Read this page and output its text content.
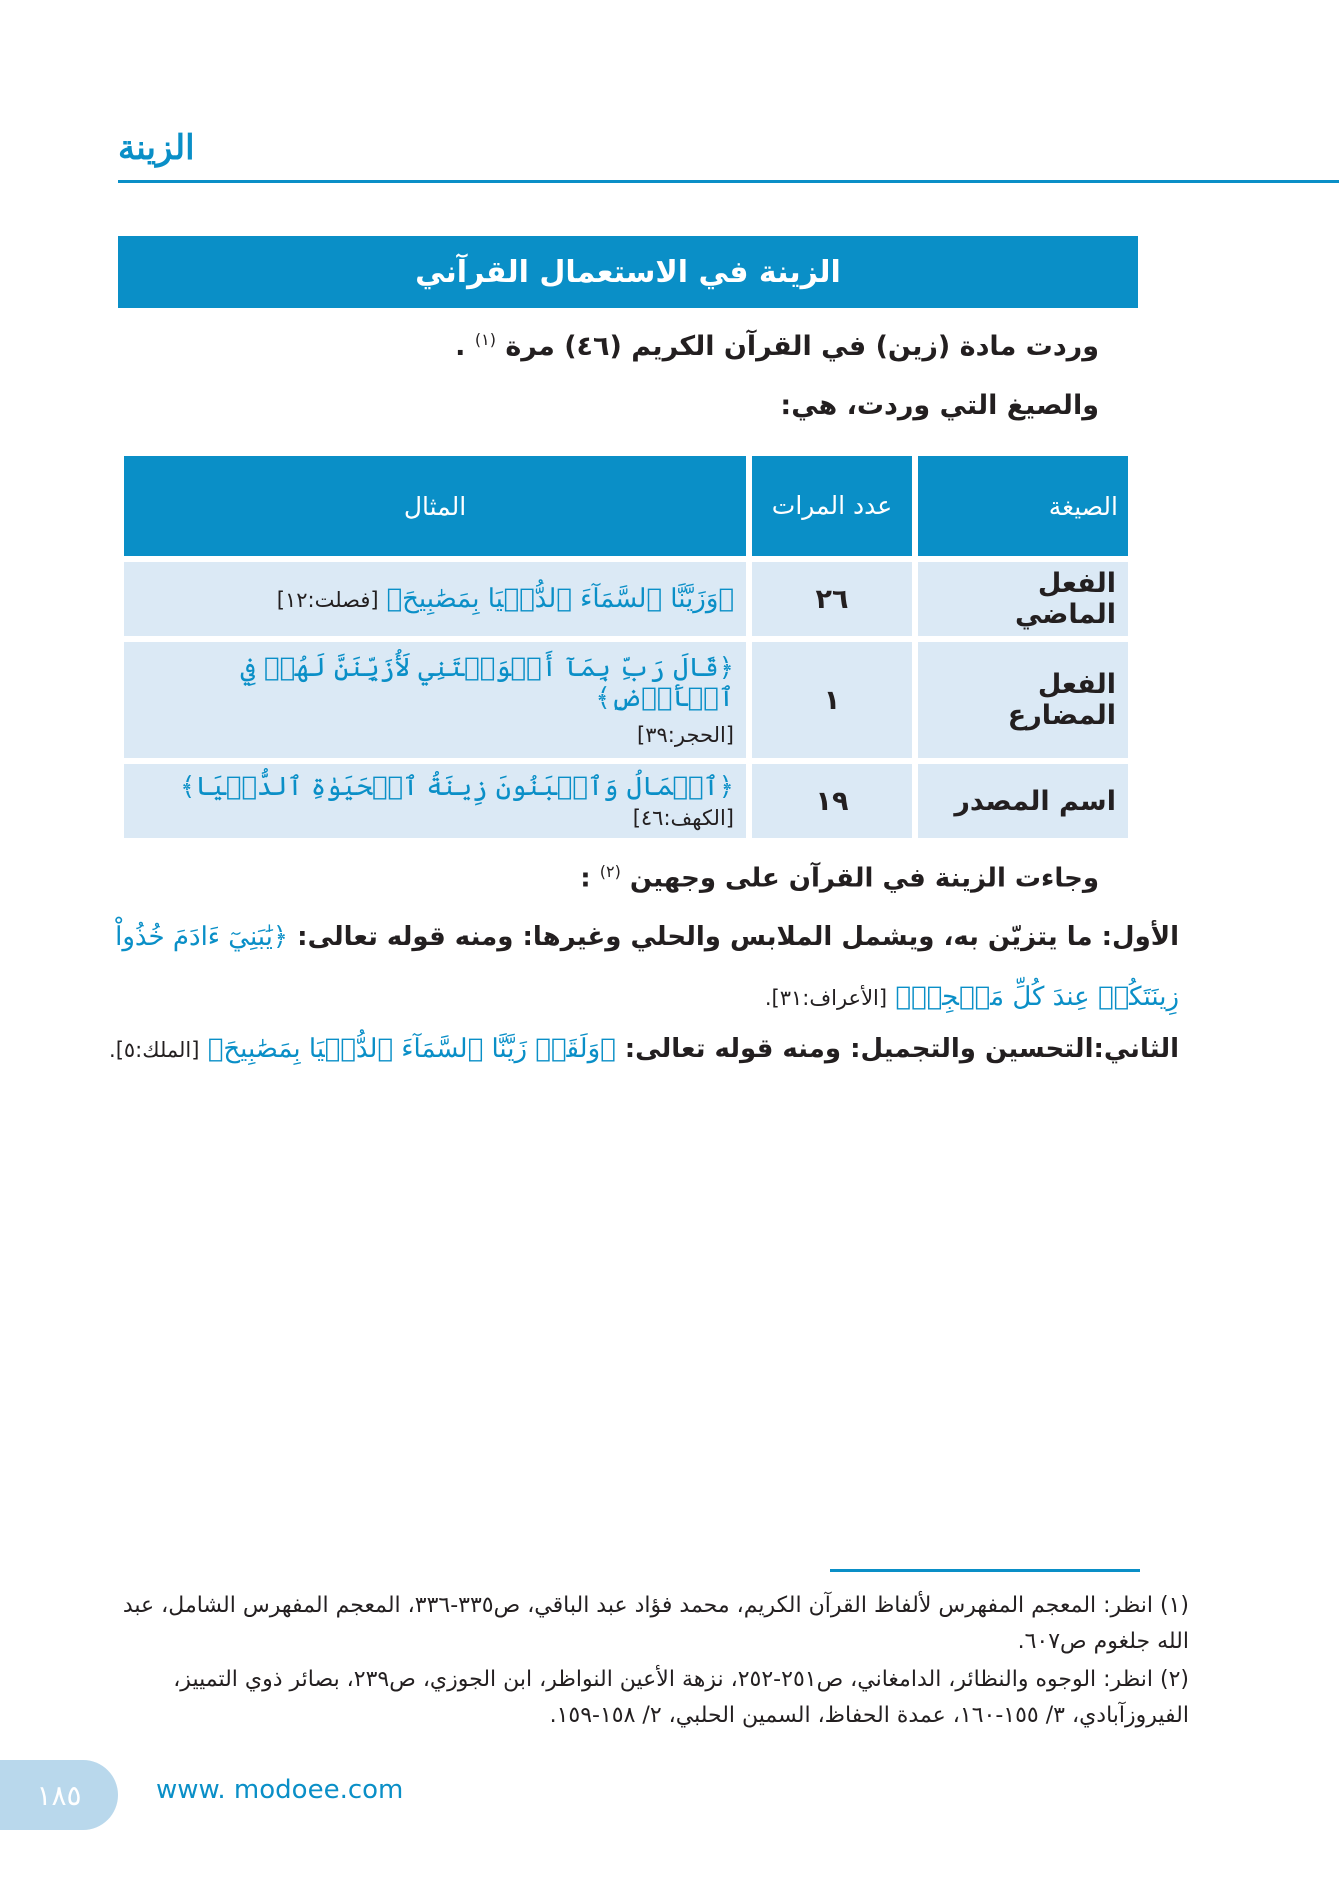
الزينة
الزينة في الاستعمال القرآني
وردت مادة (زين) في القرآن الكريم (٤٦) مرة $^{(١)}$ .
والصيغ التي وردت، هي:
الصيغة	عدد المرات	المثال
الفعل الماضي	٢٦	﴿وَزَيَّنَّا ٱلسَّمَآءَ ٱلدُّنۡيَا بِمَصَٰبِيحَ﴾ [فصلت:١٢]
الفعل المضارع	١	﴿قَالَ رَبِّ بِمَآ أَغۡوَيۡتَنِي لَأُزَيِّنَنَّ لَهُمۡ فِي ٱلۡأَرۡضِ﴾
[الحجر:٣٩]

اسم المصدر	١٩	﴿ٱلۡمَالُ وَٱلۡبَنُونَ زِينَةُ ٱلۡحَيَوٰةِ ٱلدُّنۡيَا﴾ [الكهف:٤٦]
وجاءت الزينة في القرآن على وجهين $^{(٢)}$ :
الأول: ما يتزيّن به، ويشمل الملابس والحلي وغيرها: ومنه قوله تعالى: ﴿يَٰبَنِيٓ ءَادَمَ خُذُواْ
زِينَتَكُمۡ عِندَ كُلِّ مَسۡجِدٖ﴾ [الأعراف:٣١].
الثاني:التحسين والتجميل: ومنه قوله تعالى: ﴿وَلَقَدۡ زَيَّنَّا ٱلسَّمَآءَ ٱلدُّنۡيَا بِمَصَٰبِيحَ﴾ [الملك:٥].
(١) انظر: المعجم المفهرس لألفاظ القرآن الكريم، محمد فؤاد عبد الباقي، ص٣٣٥-٣٣٦، المعجم المفهرس الشامل، عبد الله جلغوم ص٦٠٧.
(٢) انظر: الوجوه والنظائر، الدامغاني، ص٢٥١-٢٥٢، نزهة الأعين النواظر، ابن الجوزي، ص٢٣٩، بصائر ذوي التمييز، الفيروزآبادي، ٣/ ١٥٥-١٦٠، عمدة الحفاظ، السمين الحلبي، ٢/ ١٥٨-١٥٩.
١٨٥	www. modoee.com
